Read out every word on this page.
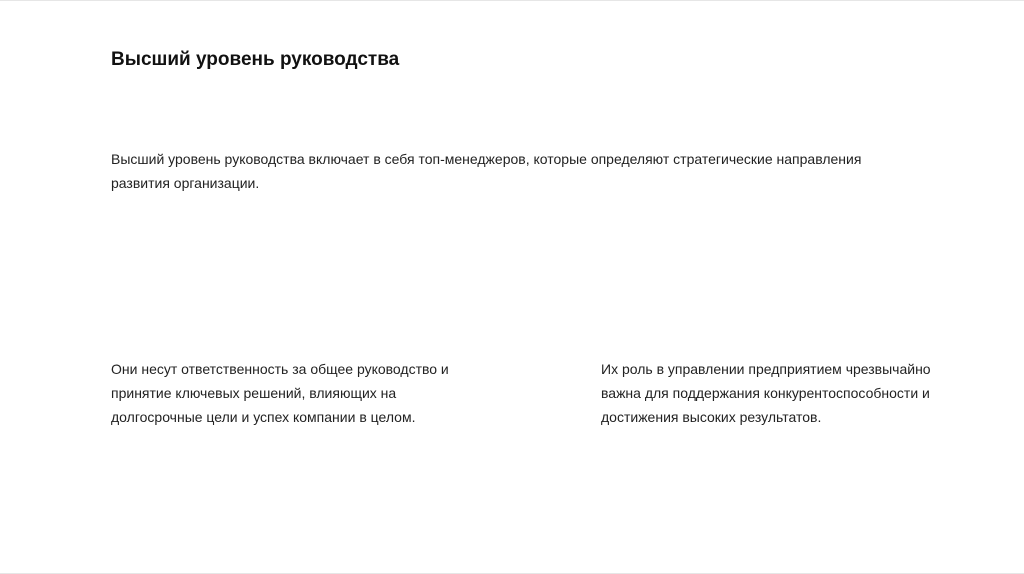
Высший уровень руководства

Высший уровень руководства включает в себя топ-менеджеров, которые определяют стратегические направления развития организации.

Они несут ответственность за общее руководство и принятие ключевых решений, влияющих на долгосрочные цели и успех компании в целом.

Их роль в управлении предприятием чрезвычайно важна для поддержания конкурентоспособности и достижения высоких результатов.
